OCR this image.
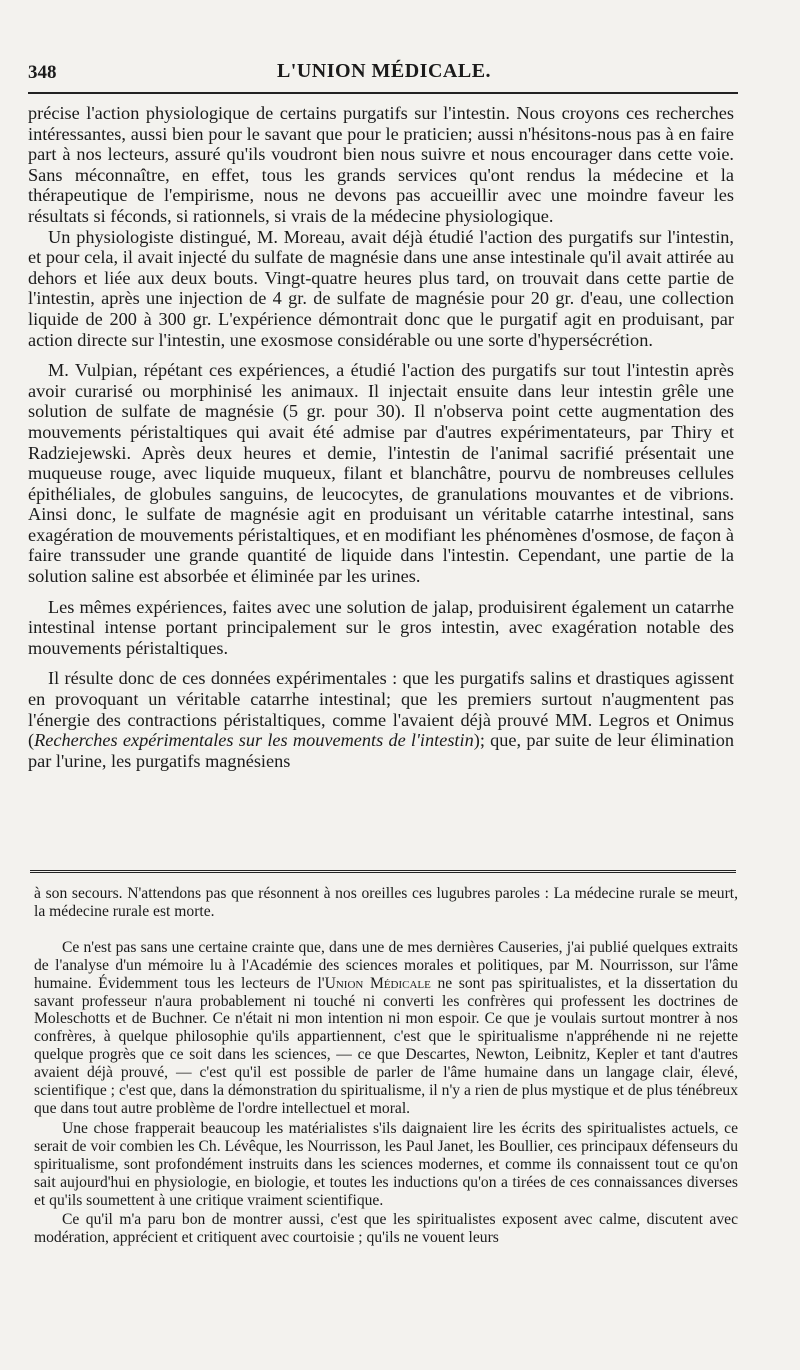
348	L'UNION MÉDICALE.

précise l'action physiologique de certains purgatifs sur l'intestin. Nous croyons ces recherches intéressantes, aussi bien pour le savant que pour le praticien; aussi n'hésitons-nous pas à en faire part à nos lecteurs, assuré qu'ils voudront bien nous suivre et nous encourager dans cette voie. Sans méconnaître, en effet, tous les grands services qu'ont rendus la médecine et la thérapeutique de l'empirisme, nous ne devons pas accueillir avec une moindre faveur les résultats si féconds, si rationnels, si vrais de la médecine physiologique.

Un physiologiste distingué, M. Moreau, avait déjà étudié l'action des purgatifs sur l'intestin, et pour cela, il avait injecté du sulfate de magnésie dans une anse intestinale qu'il avait attirée au dehors et liée aux deux bouts. Vingt-quatre heures plus tard, on trouvait dans cette partie de l'intestin, après une injection de 4 gr. de sulfate de magnésie pour 20 gr. d'eau, une collection liquide de 200 à 300 gr. L'expérience démontrait donc que le purgatif agit en produisant, par action directe sur l'intestin, une exosmose considérable ou une sorte d'hypersécrétion.

M. Vulpian, répétant ces expériences, a étudié l'action des purgatifs sur tout l'intestin après avoir curarisé ou morphinisé les animaux. Il injectait ensuite dans leur intestin grêle une solution de sulfate de magnésie (5 gr. pour 30). Il n'observa point cette augmentation des mouvements péristaltiques qui avait été admise par d'autres expérimentateurs, par Thiry et Radziejewski. Après deux heures et demie, l'intestin de l'animal sacrifié présentait une muqueuse rouge, avec liquide muqueux, filant et blanchâtre, pourvu de nombreuses cellules épithéliales, de globules sanguins, de leucocytes, de granulations mouvantes et de vibrions. Ainsi donc, le sulfate de magnésie agit en produisant un véritable catarrhe intestinal, sans exagération de mouvements péristaltiques, et en modifiant les phénomènes d'osmose, de façon à faire transsuder une grande quantité de liquide dans l'intestin. Cependant, une partie de la solution saline est absorbée et éliminée par les urines.

Les mêmes expériences, faites avec une solution de jalap, produisirent également un catarrhe intestinal intense portant principalement sur le gros intestin, avec exagération notable des mouvements péristaltiques.

Il résulte donc de ces données expérimentales : que les purgatifs salins et drastiques agissent en provoquant un véritable catarrhe intestinal; que les premiers surtout n'augmentent pas l'énergie des contractions péristaltiques, comme l'avaient déjà prouvé MM. Legros et Onimus (Recherches expérimentales sur les mouvements de l'intestin); que, par suite de leur élimination par l'urine, les purgatifs magnésiens

à son secours. N'attendons pas que résonnent à nos oreilles ces lugubres paroles : La médecine rurale se meurt, la médecine rurale est morte.

Ce n'est pas sans une certaine crainte que, dans une de mes dernières Causeries, j'ai publié quelques extraits de l'analyse d'un mémoire lu à l'Académie des sciences morales et politiques, par M. Nourrisson, sur l'âme humaine. Évidemment tous les lecteurs de l'Union Médicale ne sont pas spiritualistes, et la dissertation du savant professeur n'aura probablement ni touché ni converti les confrères qui professent les doctrines de Moleschotts et de Buchner. Ce n'était ni mon intention ni mon espoir. Ce que je voulais surtout montrer à nos confrères, à quelque philosophie qu'ils appartiennent, c'est que le spiritualisme n'appréhende ni ne rejette quelque progrès que ce soit dans les sciences, — ce que Descartes, Newton, Leibnitz, Kepler et tant d'autres avaient déjà prouvé, — c'est qu'il est possible de parler de l'âme humaine dans un langage clair, élevé, scientifique ; c'est que, dans la démonstration du spiritualisme, il n'y a rien de plus mystique et de plus ténébreux que dans tout autre problème de l'ordre intellectuel et moral.

Une chose frapperait beaucoup les matérialistes s'ils daignaient lire les écrits des spiritualistes actuels, ce serait de voir combien les Ch. Lévêque, les Nourrisson, les Paul Janet, les Boullier, ces principaux défenseurs du spiritualisme, sont profondément instruits dans les sciences modernes, et comme ils connaissent tout ce qu'on sait aujourd'hui en physiologie, en biologie, et toutes les inductions qu'on a tirées de ces connaissances diverses et qu'ils soumettent à une critique vraiment scientifique.

Ce qu'il m'a paru bon de montrer aussi, c'est que les spiritualistes exposent avec calme, discutent avec modération, apprécient et critiquent avec courtoisie ; qu'ils ne vouent leurs
